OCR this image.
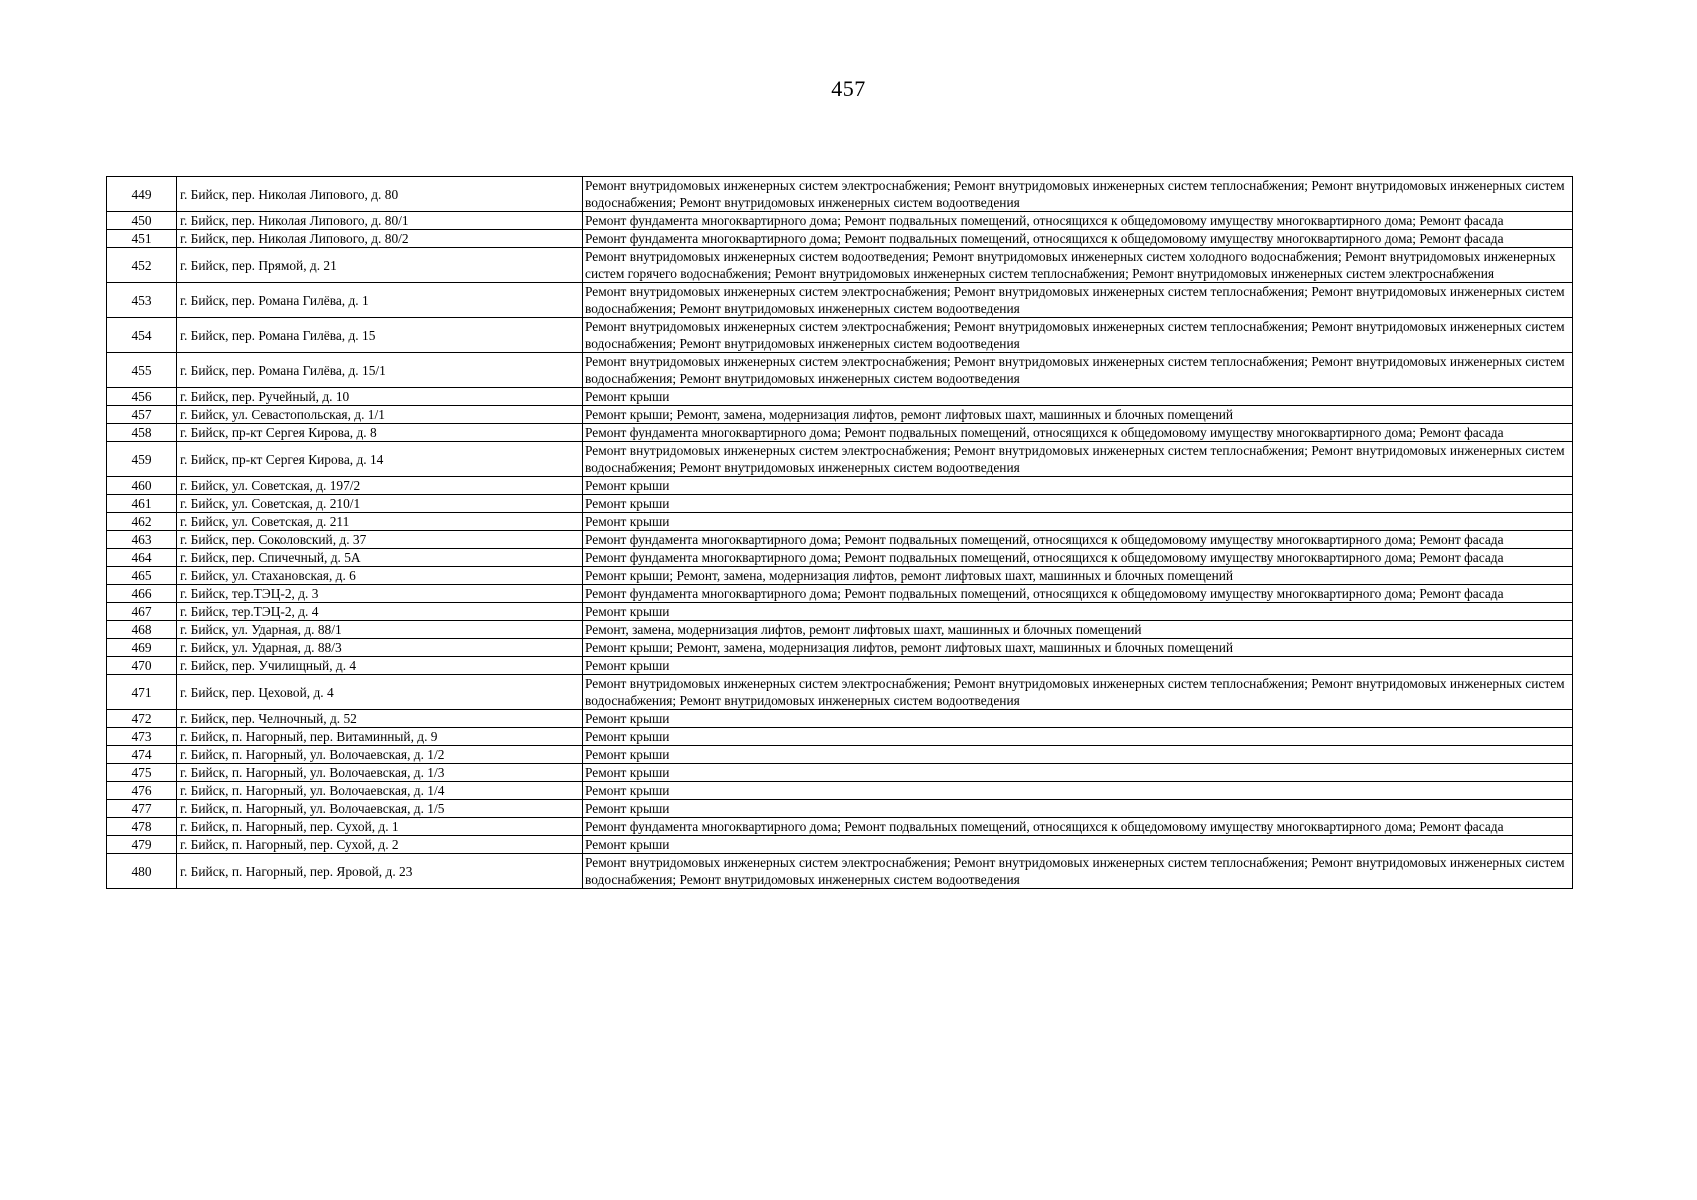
457
449	г. Бийск, пер. Николая Липового, д. 80	Ремонт внутридомовых инженерных систем электроснабжения; Ремонт внутридомовых инженерных систем теплоснабжения; Ремонт внутридомовых инженерных систем водоснабжения; Ремонт внутридомовых инженерных систем водоотведения
450	г. Бийск, пер. Николая Липового, д. 80/1	Ремонт фундамента многоквартирного дома; Ремонт подвальных помещений, относящихся к общедомовому имуществу многоквартирного дома; Ремонт фасада
451	г. Бийск, пер. Николая Липового, д. 80/2	Ремонт фундамента многоквартирного дома; Ремонт подвальных помещений, относящихся к общедомовому имуществу многоквартирного дома; Ремонт фасада
452	г. Бийск, пер. Прямой, д. 21	Ремонт внутридомовых инженерных систем водоотведения; Ремонт внутридомовых инженерных систем холодного водоснабжения; Ремонт внутридомовых инженерных систем горячего водоснабжения; Ремонт внутридомовых инженерных систем теплоснабжения; Ремонт внутридомовых инженерных систем электроснабжения
453	г. Бийск, пер. Романа Гилёва, д. 1	Ремонт внутридомовых инженерных систем электроснабжения; Ремонт внутридомовых инженерных систем теплоснабжения; Ремонт внутридомовых инженерных систем водоснабжения; Ремонт внутридомовых инженерных систем водоотведения
454	г. Бийск, пер. Романа Гилёва, д. 15	Ремонт внутридомовых инженерных систем электроснабжения; Ремонт внутридомовых инженерных систем теплоснабжения; Ремонт внутридомовых инженерных систем водоснабжения; Ремонт внутридомовых инженерных систем водоотведения
455	г. Бийск, пер. Романа Гилёва, д. 15/1	Ремонт внутридомовых инженерных систем электроснабжения; Ремонт внутридомовых инженерных систем теплоснабжения; Ремонт внутридомовых инженерных систем водоснабжения; Ремонт внутридомовых инженерных систем водоотведения
456	г. Бийск, пер. Ручейный, д. 10	Ремонт крыши
457	г. Бийск, ул. Севастопольская, д. 1/1	Ремонт крыши; Ремонт, замена, модернизация лифтов, ремонт лифтовых шахт, машинных и блочных помещений
458	г. Бийск, пр-кт Сергея Кирова, д. 8	Ремонт фундамента многоквартирного дома; Ремонт подвальных помещений, относящихся к общедомовому имуществу многоквартирного дома; Ремонт фасада
459	г. Бийск, пр-кт Сергея Кирова, д. 14	Ремонт внутридомовых инженерных систем электроснабжения; Ремонт внутридомовых инженерных систем теплоснабжения; Ремонт внутридомовых инженерных систем водоснабжения; Ремонт внутридомовых инженерных систем водоотведения
460	г. Бийск, ул. Советская, д. 197/2	Ремонт крыши
461	г. Бийск, ул. Советская, д. 210/1	Ремонт крыши
462	г. Бийск, ул. Советская, д. 211	Ремонт крыши
463	г. Бийск, пер. Соколовский, д. 37	Ремонт фундамента многоквартирного дома; Ремонт подвальных помещений, относящихся к общедомовому имуществу многоквартирного дома; Ремонт фасада
464	г. Бийск, пер. Спичечный, д. 5А	Ремонт фундамента многоквартирного дома; Ремонт подвальных помещений, относящихся к общедомовому имуществу многоквартирного дома; Ремонт фасада
465	г. Бийск, ул. Стахановская, д. 6	Ремонт крыши; Ремонт, замена, модернизация лифтов, ремонт лифтовых шахт, машинных и блочных помещений
466	г. Бийск, тер.ТЭЦ-2, д. 3	Ремонт фундамента многоквартирного дома; Ремонт подвальных помещений, относящихся к общедомовому имуществу многоквартирного дома; Ремонт фасада
467	г. Бийск, тер.ТЭЦ-2, д. 4	Ремонт крыши
468	г. Бийск, ул. Ударная, д. 88/1	Ремонт, замена, модернизация лифтов, ремонт лифтовых шахт, машинных и блочных помещений
469	г. Бийск, ул. Ударная, д. 88/3	Ремонт крыши; Ремонт, замена, модернизация лифтов, ремонт лифтовых шахт, машинных и блочных помещений
470	г. Бийск, пер. Училищный, д. 4	Ремонт крыши
471	г. Бийск, пер. Цеховой, д. 4	Ремонт внутридомовых инженерных систем электроснабжения; Ремонт внутридомовых инженерных систем теплоснабжения; Ремонт внутридомовых инженерных систем водоснабжения; Ремонт внутридомовых инженерных систем водоотведения
472	г. Бийск, пер. Челночный, д. 52	Ремонт крыши
473	г. Бийск, п. Нагорный, пер. Витаминный, д. 9	Ремонт крыши
474	г. Бийск, п. Нагорный, ул. Волочаевская, д. 1/2	Ремонт крыши
475	г. Бийск, п. Нагорный, ул. Волочаевская, д. 1/3	Ремонт крыши
476	г. Бийск, п. Нагорный, ул. Волочаевская, д. 1/4	Ремонт крыши
477	г. Бийск, п. Нагорный, ул. Волочаевская, д. 1/5	Ремонт крыши
478	г. Бийск, п. Нагорный, пер. Сухой, д. 1	Ремонт фундамента многоквартирного дома; Ремонт подвальных помещений, относящихся к общедомовому имуществу многоквартирного дома; Ремонт фасада
479	г. Бийск, п. Нагорный, пер. Сухой, д. 2	Ремонт крыши
480	г. Бийск, п. Нагорный, пер. Яровой, д. 23	Ремонт внутридомовых инженерных систем электроснабжения; Ремонт внутридомовых инженерных систем теплоснабжения; Ремонт внутридомовых инженерных систем водоснабжения; Ремонт внутридомовых инженерных систем водоотведения
